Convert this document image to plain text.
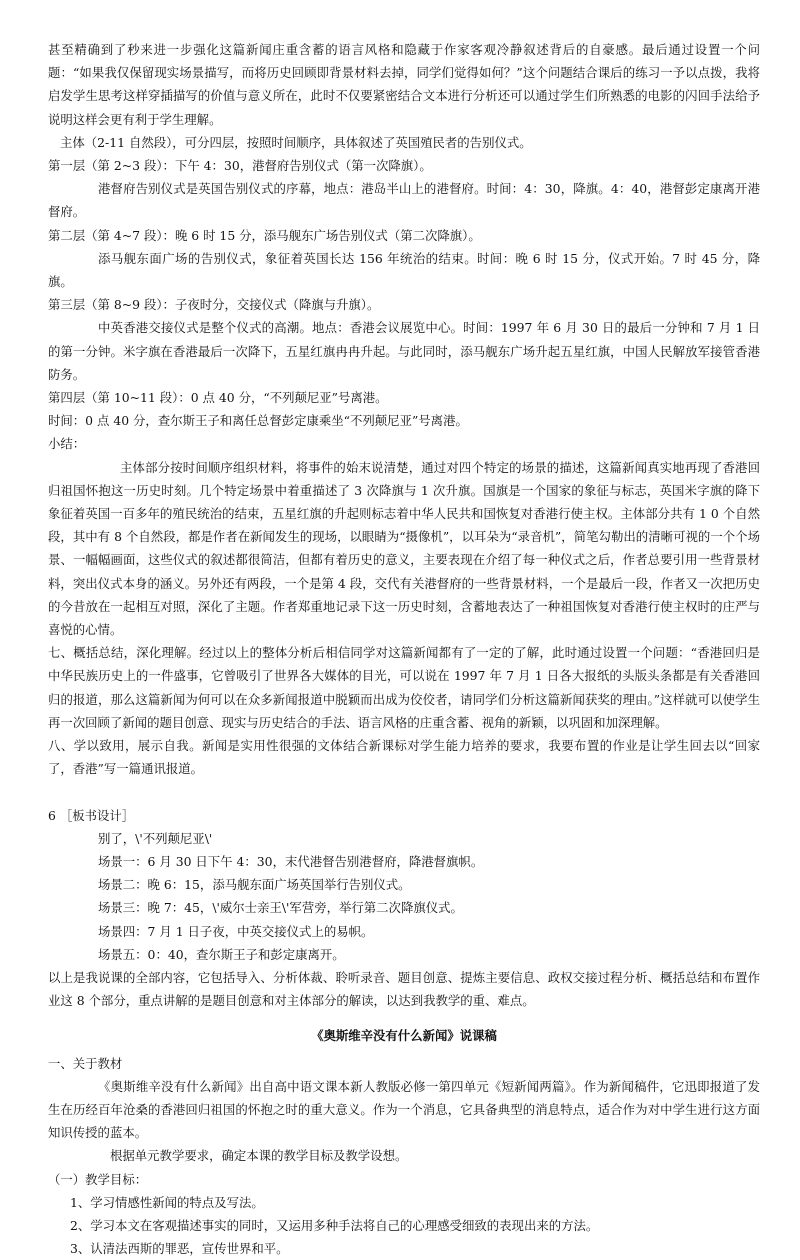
甚至精确到了秒来进一步强化这篇新闻庄重含蓄的语言风格和隐藏于作家客观冷静叙述背后的自豪感。最后通过设置一个问题：“如果我仅保留现实场景描写，而将历史回顾即背景材料去掉，同学们觉得如何？”这个问题结合课后的练习一予以点拨，我将启发学生思考这样穿插描写的价值与意义所在，此时不仅要紧密结合文本进行分析还可以通过学生们所熟悉的电影的闪回手法给予说明这样会更有利于学生理解。

主体（2-11 自然段），可分四层，按照时间顺序，具体叙述了英国殖民者的告别仪式。

第一层（第 2~3 段）：下午 4：30，港督府告别仪式（第一次降旗）。

港督府告别仪式是英国告别仪式的序幕，地点：港岛半山上的港督府。时间：4：30，降旗。4：40，港督彭定康离开港督府。

第二层（第 4~7 段）：晚 6 时 15 分，添马舰东广场告别仪式（第二次降旗）。

添马舰东面广场的告别仪式，象征着英国长达 156 年统治的结束。时间：晚 6 时 15 分，仪式开始。7 时 45 分，降旗。

第三层（第 8~9 段）：子夜时分，交接仪式（降旗与升旗）。

中英香港交接仪式是整个仪式的高潮。地点：香港会议展览中心。时间：1997 年 6 月 30 日的最后一分钟和 7 月 1 日的第一分钟。米字旗在香港最后一次降下，五星红旗冉冉升起。与此同时，添马舰东广场升起五星红旗，中国人民解放军接管香港防务。

第四层（第 10~11 段）：0 点 40 分，“不列颠尼亚”号离港。

时间：0 点 40 分，查尔斯王子和离任总督彭定康乘坐“不列颠尼亚”号离港。

小结：

主体部分按时间顺序组织材料，将事件的始末说清楚，通过对四个特定的场景的描述，这篇新闻真实地再现了香港回归祖国怀抱这一历史时刻。几个特定场景中着重描述了 3 次降旗与 1 次升旗。国旗是一个国家的象征与标志，英国米字旗的降下象征着英国一百多年的殖民统治的结束，五星红旗的升起则标志着中华人民共和国恢复对香港行使主权。主体部分共有 1 0 个自然段，其中有 8 个自然段，都是作者在新闻发生的现场，以眼睛为“摄像机”，以耳朵为“录音机”，简笔勾勒出的清晰可视的一个个场景、一幅幅画面，这些仪式的叙述都很简洁，但都有着历史的意义，主要表现在介绍了每一种仪式之后，作者总要引用一些背景材料，突出仪式本身的涵义。另外还有两段，一个是第 4 段，交代有关港督府的一些背景材料，一个是最后一段，作者又一次把历史的今昔放在一起相互对照，深化了主题。作者郑重地记录下这一历史时刻，含蓄地表达了一种祖国恢复对香港行使主权时的庄严与喜悦的心情。

七、概括总结，深化理解。经过以上的整体分析后相信同学对这篇新闻都有了一定的了解，此时通过设置一个问题：“香港回归是中华民族历史上的一件盛事，它曾吸引了世界各大媒体的目光，可以说在 1997 年 7 月 1 日各大报纸的头版头条都是有关香港回归的报道，那么这篇新闻为何可以在众多新闻报道中脱颖而出成为佼佼者，请同学们分析这篇新闻获奖的理由。”这样就可以使学生再一次回顾了新闻的题目创意、现实与历史结合的手法、语言风格的庄重含蓄、视角的新颖，以巩固和加深理解。

八、学以致用，展示自我。新闻是实用性很强的文体结合新课标对学生能力培养的要求，我要布置的作业是让学生回去以“回家了，香港”写一篇通讯报道。

6 ［板书设计］

别了，\'不列颠尼亚\'

场景一：6 月 30 日下午 4：30，末代港督告别港督府，降港督旗帜。

场景二：晚 6：15，添马舰东面广场英国举行告别仪式。

场景三：晚 7：45，\'威尔士亲王\'军营旁，举行第二次降旗仪式。

场景四：7 月 1 日子夜，中英交接仪式上的易帜。

场景五：0：40，查尔斯王子和彭定康离开。

以上是我说课的全部内容，它包括导入、分析体裁、聆听录音、题目创意、提炼主要信息、政权交接过程分析、概括总结和布置作业这 8 个部分，重点讲解的是题目创意和对主体部分的解读，以达到我教学的重、难点。

《奥斯维辛没有什么新闻》说课稿

一、关于教材

《奥斯维辛没有什么新闻》出自高中语文课本新人教版必修一第四单元《短新闻两篇》。作为新闻稿件，它迅即报道了发生在历经百年沧桑的香港回归祖国的怀抱之时的重大意义。作为一个消息，它具备典型的消息特点，适合作为对中学生进行这方面知识传授的蓝本。

根据单元教学要求，确定本课的教学目标及教学设想。

（一）教学目标：

1、学习情感性新闻的特点及写法。

2、学习本文在客观描述事实的同时，又运用多种手法将自己的心理感受细致的表现出来的方法。

3、认清法西斯的罪恶，宣传世界和平。
